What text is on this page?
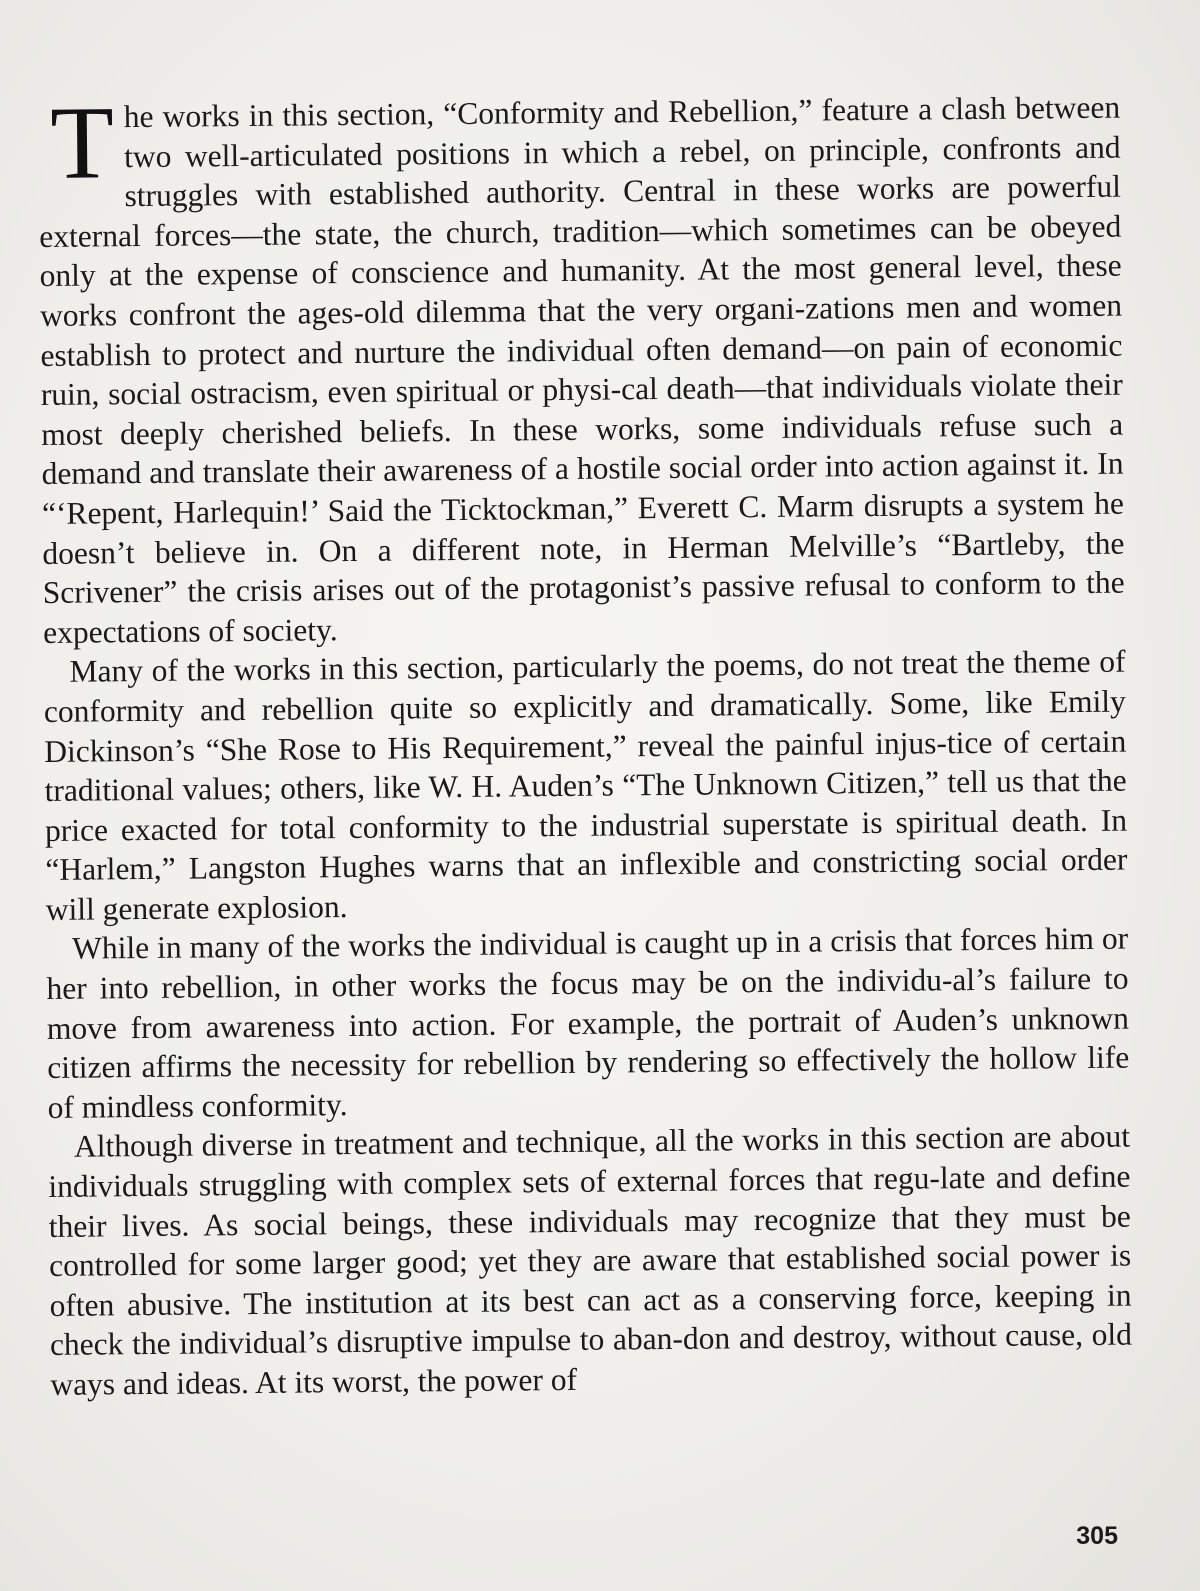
The works in this section, “Conformity and Rebellion,” feature a clash between two well-articulated positions in which a rebel, on principle, confronts and struggles with established authority. Central in these works are powerful external forces—the state, the church, tradition—which sometimes can be obeyed only at the expense of conscience and humanity. At the most general level, these works confront the ages-old dilemma that the very organi-zations men and women establish to protect and nurture the individual often demand—on pain of economic ruin, social ostracism, even spiritual or physi-cal death—that individuals violate their most deeply cherished beliefs. In these works, some individuals refuse such a demand and translate their awareness of a hostile social order into action against it. In “‘Repent, Harlequin!’ Said the Ticktockman,” Everett C. Marm disrupts a system he doesn’t believe in. On a different note, in Herman Melville’s “Bartleby, the Scrivener” the crisis arises out of the protagonist’s passive refusal to conform to the expectations of society.

Many of the works in this section, particularly the poems, do not treat the theme of conformity and rebellion quite so explicitly and dramatically. Some, like Emily Dickinson’s “She Rose to His Requirement,” reveal the painful injus-tice of certain traditional values; others, like W. H. Auden’s “The Unknown Citizen,” tell us that the price exacted for total conformity to the industrial superstate is spiritual death. In “Harlem,” Langston Hughes warns that an inflexible and constricting social order will generate explosion.

While in many of the works the individual is caught up in a crisis that forces him or her into rebellion, in other works the focus may be on the individu-al’s failure to move from awareness into action. For example, the portrait of Auden’s unknown citizen affirms the necessity for rebellion by rendering so effectively the hollow life of mindless conformity.

Although diverse in treatment and technique, all the works in this section are about individuals struggling with complex sets of external forces that regu-late and define their lives. As social beings, these individuals may recognize that they must be controlled for some larger good; yet they are aware that established social power is often abusive. The institution at its best can act as a conserving force, keeping in check the individual’s disruptive impulse to aban-don and destroy, without cause, old ways and ideas. At its worst, the power of

305
